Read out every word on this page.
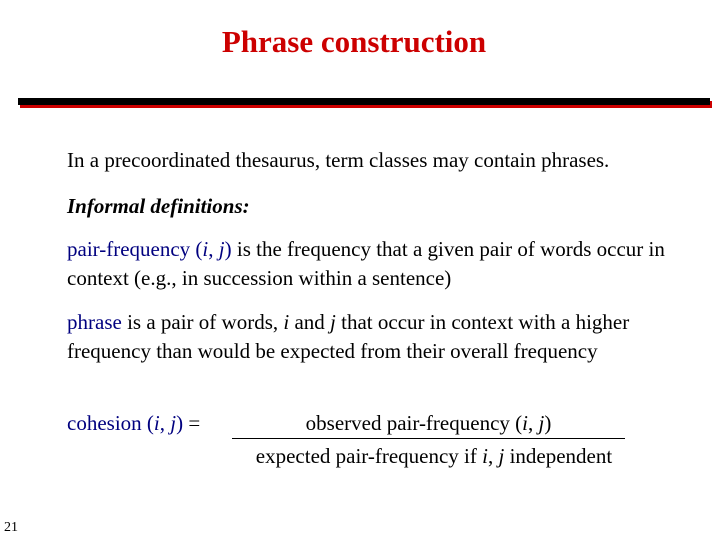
Phrase construction
In a precoordinated thesaurus, term classes may contain phrases.
Informal definitions:
pair-frequency (i, j) is the frequency that a given pair of words occur in context (e.g., in succession within a sentence)
phrase is a pair of words, i and j that occur in context with a higher frequency than would be expected from their overall frequency
cohesion (i, j) =	observed pair-frequency (i, j)
expected pair-frequency if i, j independent
21
